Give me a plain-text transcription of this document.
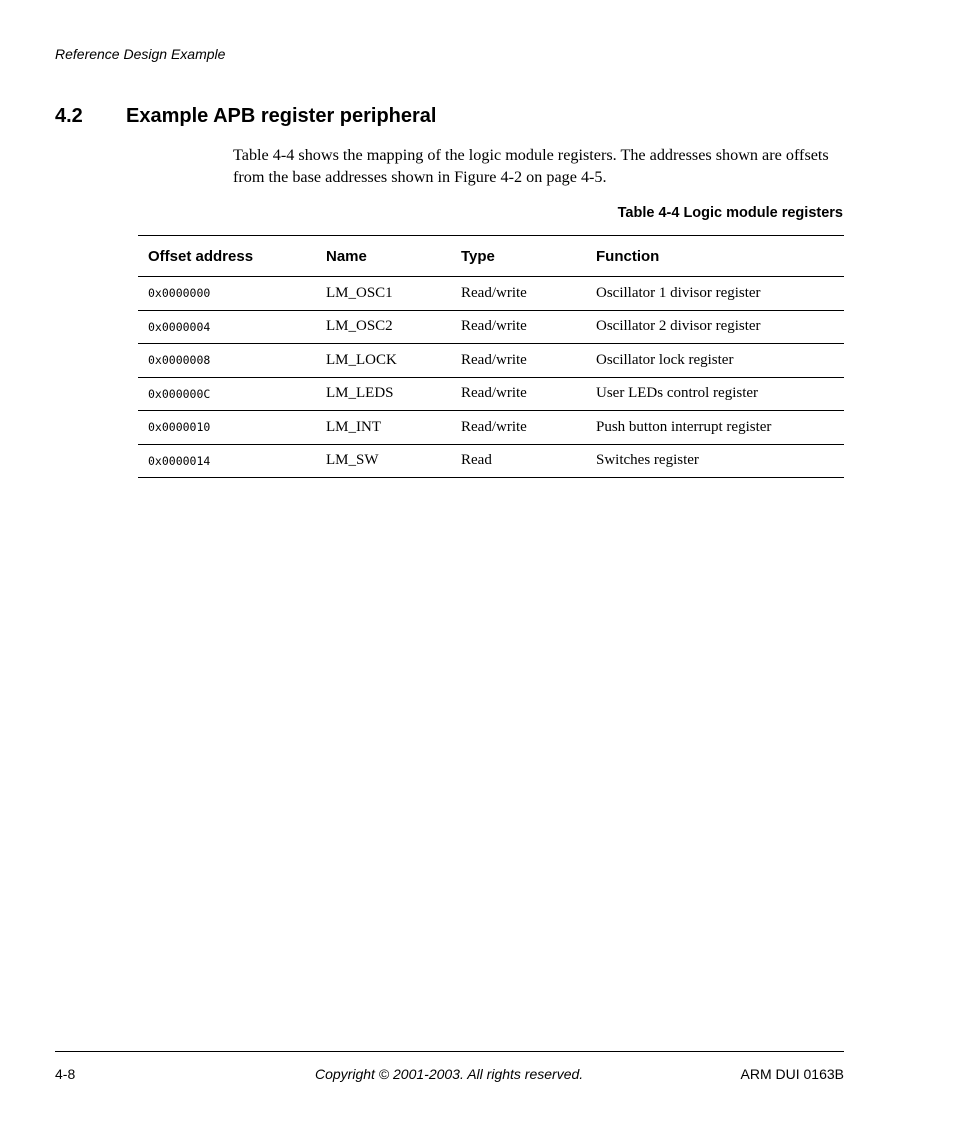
Reference Design Example
4.2 Example APB register peripheral

Table 4-4 shows the mapping of the logic module registers. The addresses shown are offsets from the base addresses shown in Figure 4-2 on page 4-5.

Table 4-4 Logic module registers
Offset address	Name	Type	Function
0x0000000	LM_OSC1	Read/write	Oscillator 1 divisor register
0x0000004	LM_OSC2	Read/write	Oscillator 2 divisor register
0x0000008	LM_LOCK	Read/write	Oscillator lock register
0x000000C	LM_LEDS	Read/write	User LEDs control register
0x0000010	LM_INT	Read/write	Push button interrupt register
0x0000014	LM_SW	Read	Switches register
4-8	Copyright © 2001-2003. All rights reserved.	ARM DUI 0163B
